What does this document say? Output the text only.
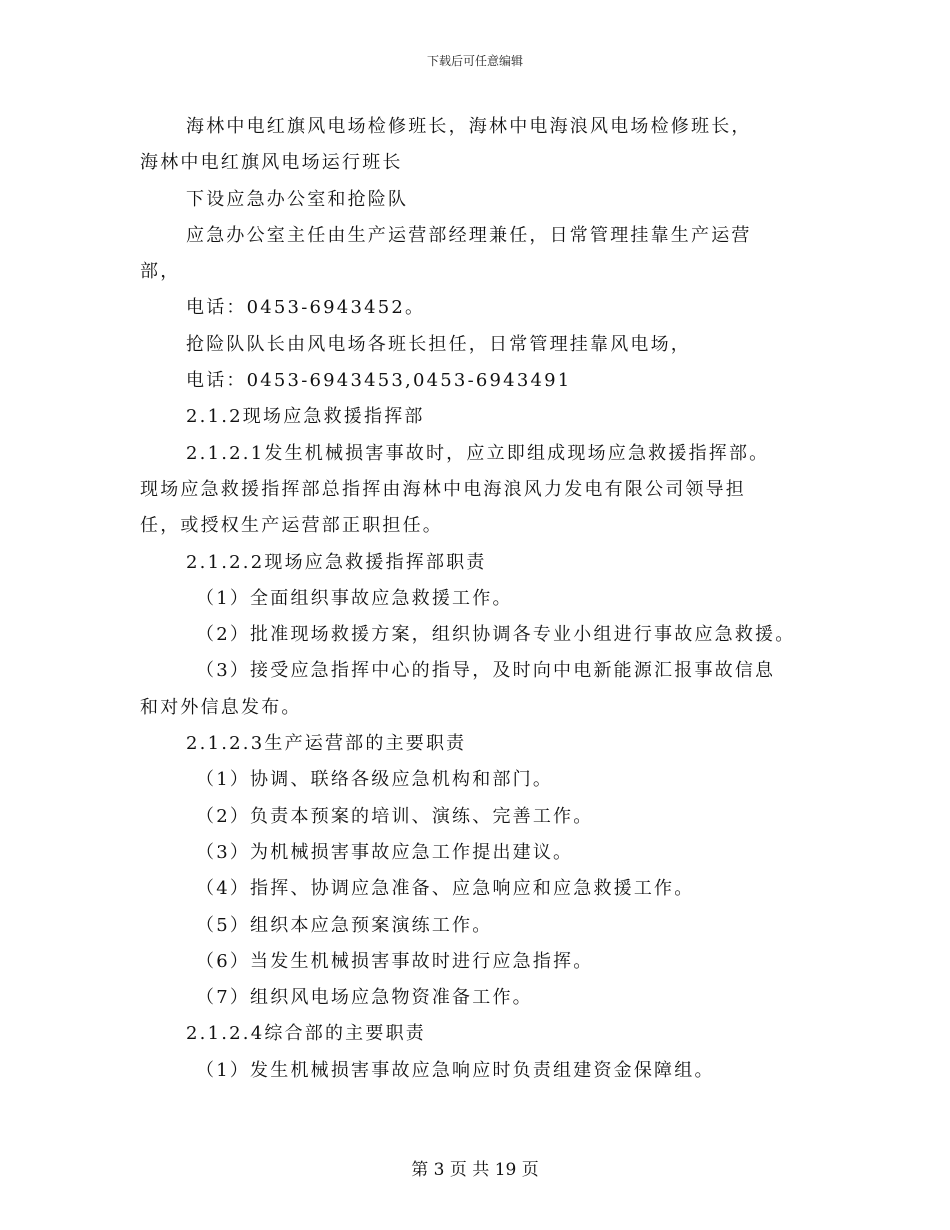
下载后可任意编辑
海林中电红旗风电场检修班长，海林中电海浪风电场检修班长，
海林中电红旗风电场运行班长
下设应急办公室和抢险队
应急办公室主任由生产运营部经理兼任，日常管理挂靠生产运营
部，
电话：0453-6943452。
抢险队队长由风电场各班长担任，日常管理挂靠风电场，
电话：0453-6943453,0453-6943491
2.1.2现场应急救援指挥部
2.1.2.1发生机械损害事故时，应立即组成现场应急救援指挥部。
现场应急救援指挥部总指挥由海林中电海浪风力发电有限公司领导担
任，或授权生产运营部正职担任。
2.1.2.2现场应急救援指挥部职责
（1）全面组织事故应急救援工作。
（2）批准现场救援方案，组织协调各专业小组进行事故应急救援。
（3）接受应急指挥中心的指导，及时向中电新能源汇报事故信息
和对外信息发布。
2.1.2.3生产运营部的主要职责
（1）协调、联络各级应急机构和部门。
（2）负责本预案的培训、演练、完善工作。
（3）为机械损害事故应急工作提出建议。
（4）指挥、协调应急准备、应急响应和应急救援工作。
（5）组织本应急预案演练工作。
（6）当发生机械损害事故时进行应急指挥。
（7）组织风电场应急物资准备工作。
2.1.2.4综合部的主要职责
（1）发生机械损害事故应急响应时负责组建资金保障组。
第 3 页 共 19 页
